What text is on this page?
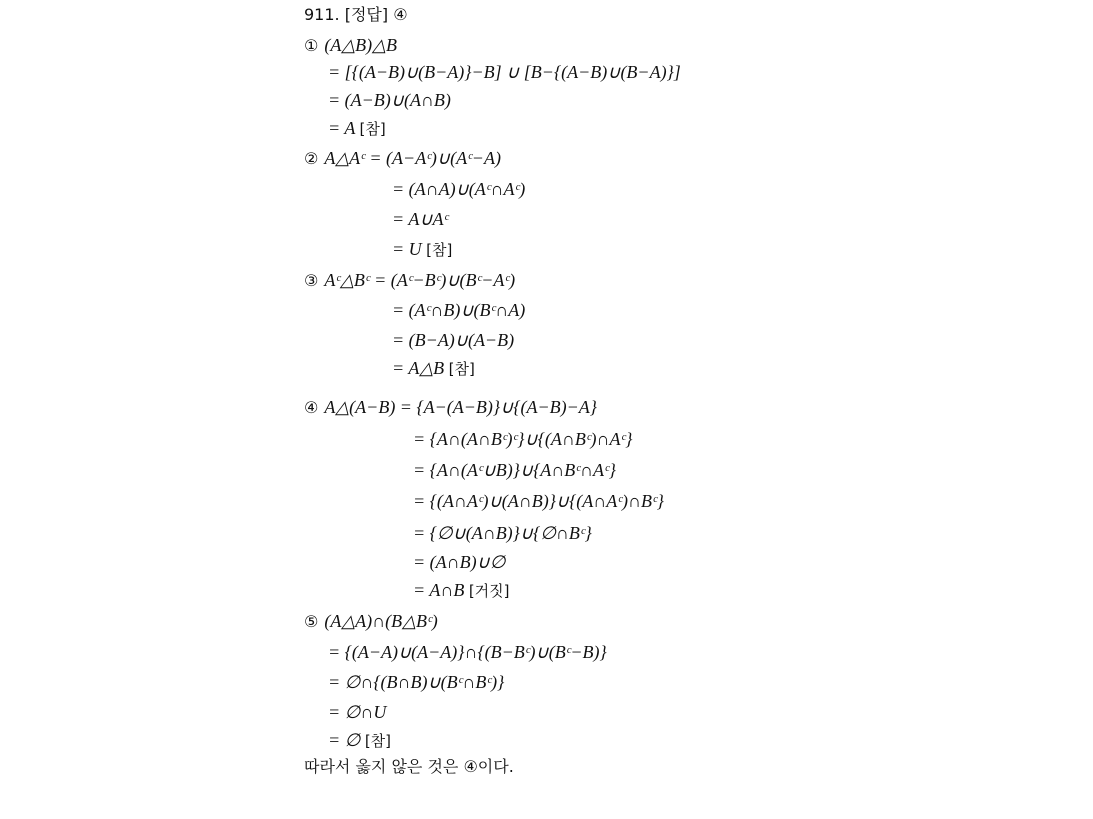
911. [정답] ④
① (A△B)△B
= [{(A−B)∪(B−A)}−B] ∪ [B−{(A−B)∪(B−A)}]
= (A−B)∪(A∩B)
= A [참]
② A△Aᶜ = (A−Aᶜ)∪(Aᶜ−A)
= (A∩A)∪(Aᶜ∩Aᶜ)
= A∪Aᶜ
= U [참]
③ Aᶜ△Bᶜ = (Aᶜ−Bᶜ)∪(Bᶜ−Aᶜ)
= (Aᶜ∩B)∪(Bᶜ∩A)
= (B−A)∪(A−B)
= A△B [참]
④ A△(A−B) = {A−(A−B)}∪{(A−B)−A}
= {A∩(A∩Bᶜ)ᶜ}∪{(A∩Bᶜ)∩Aᶜ}
= {A∩(Aᶜ∪B)}∪{A∩Bᶜ∩Aᶜ}
= {(A∩Aᶜ)∪(A∩B)}∪{(A∩Aᶜ)∩Bᶜ}
= {∅∪(A∩B)}∪{∅∩Bᶜ}
= (A∩B)∪∅
= A∩B [거짓]
⑤ (A△A)∩(B△Bᶜ)
= {(A−A)∪(A−A)}∩{(B−Bᶜ)∪(Bᶜ−B)}
= ∅∩{(B∩B)∪(Bᶜ∩Bᶜ)}
= ∅∩U
= ∅ [참]
따라서 옳지 않은 것은 ④이다.
